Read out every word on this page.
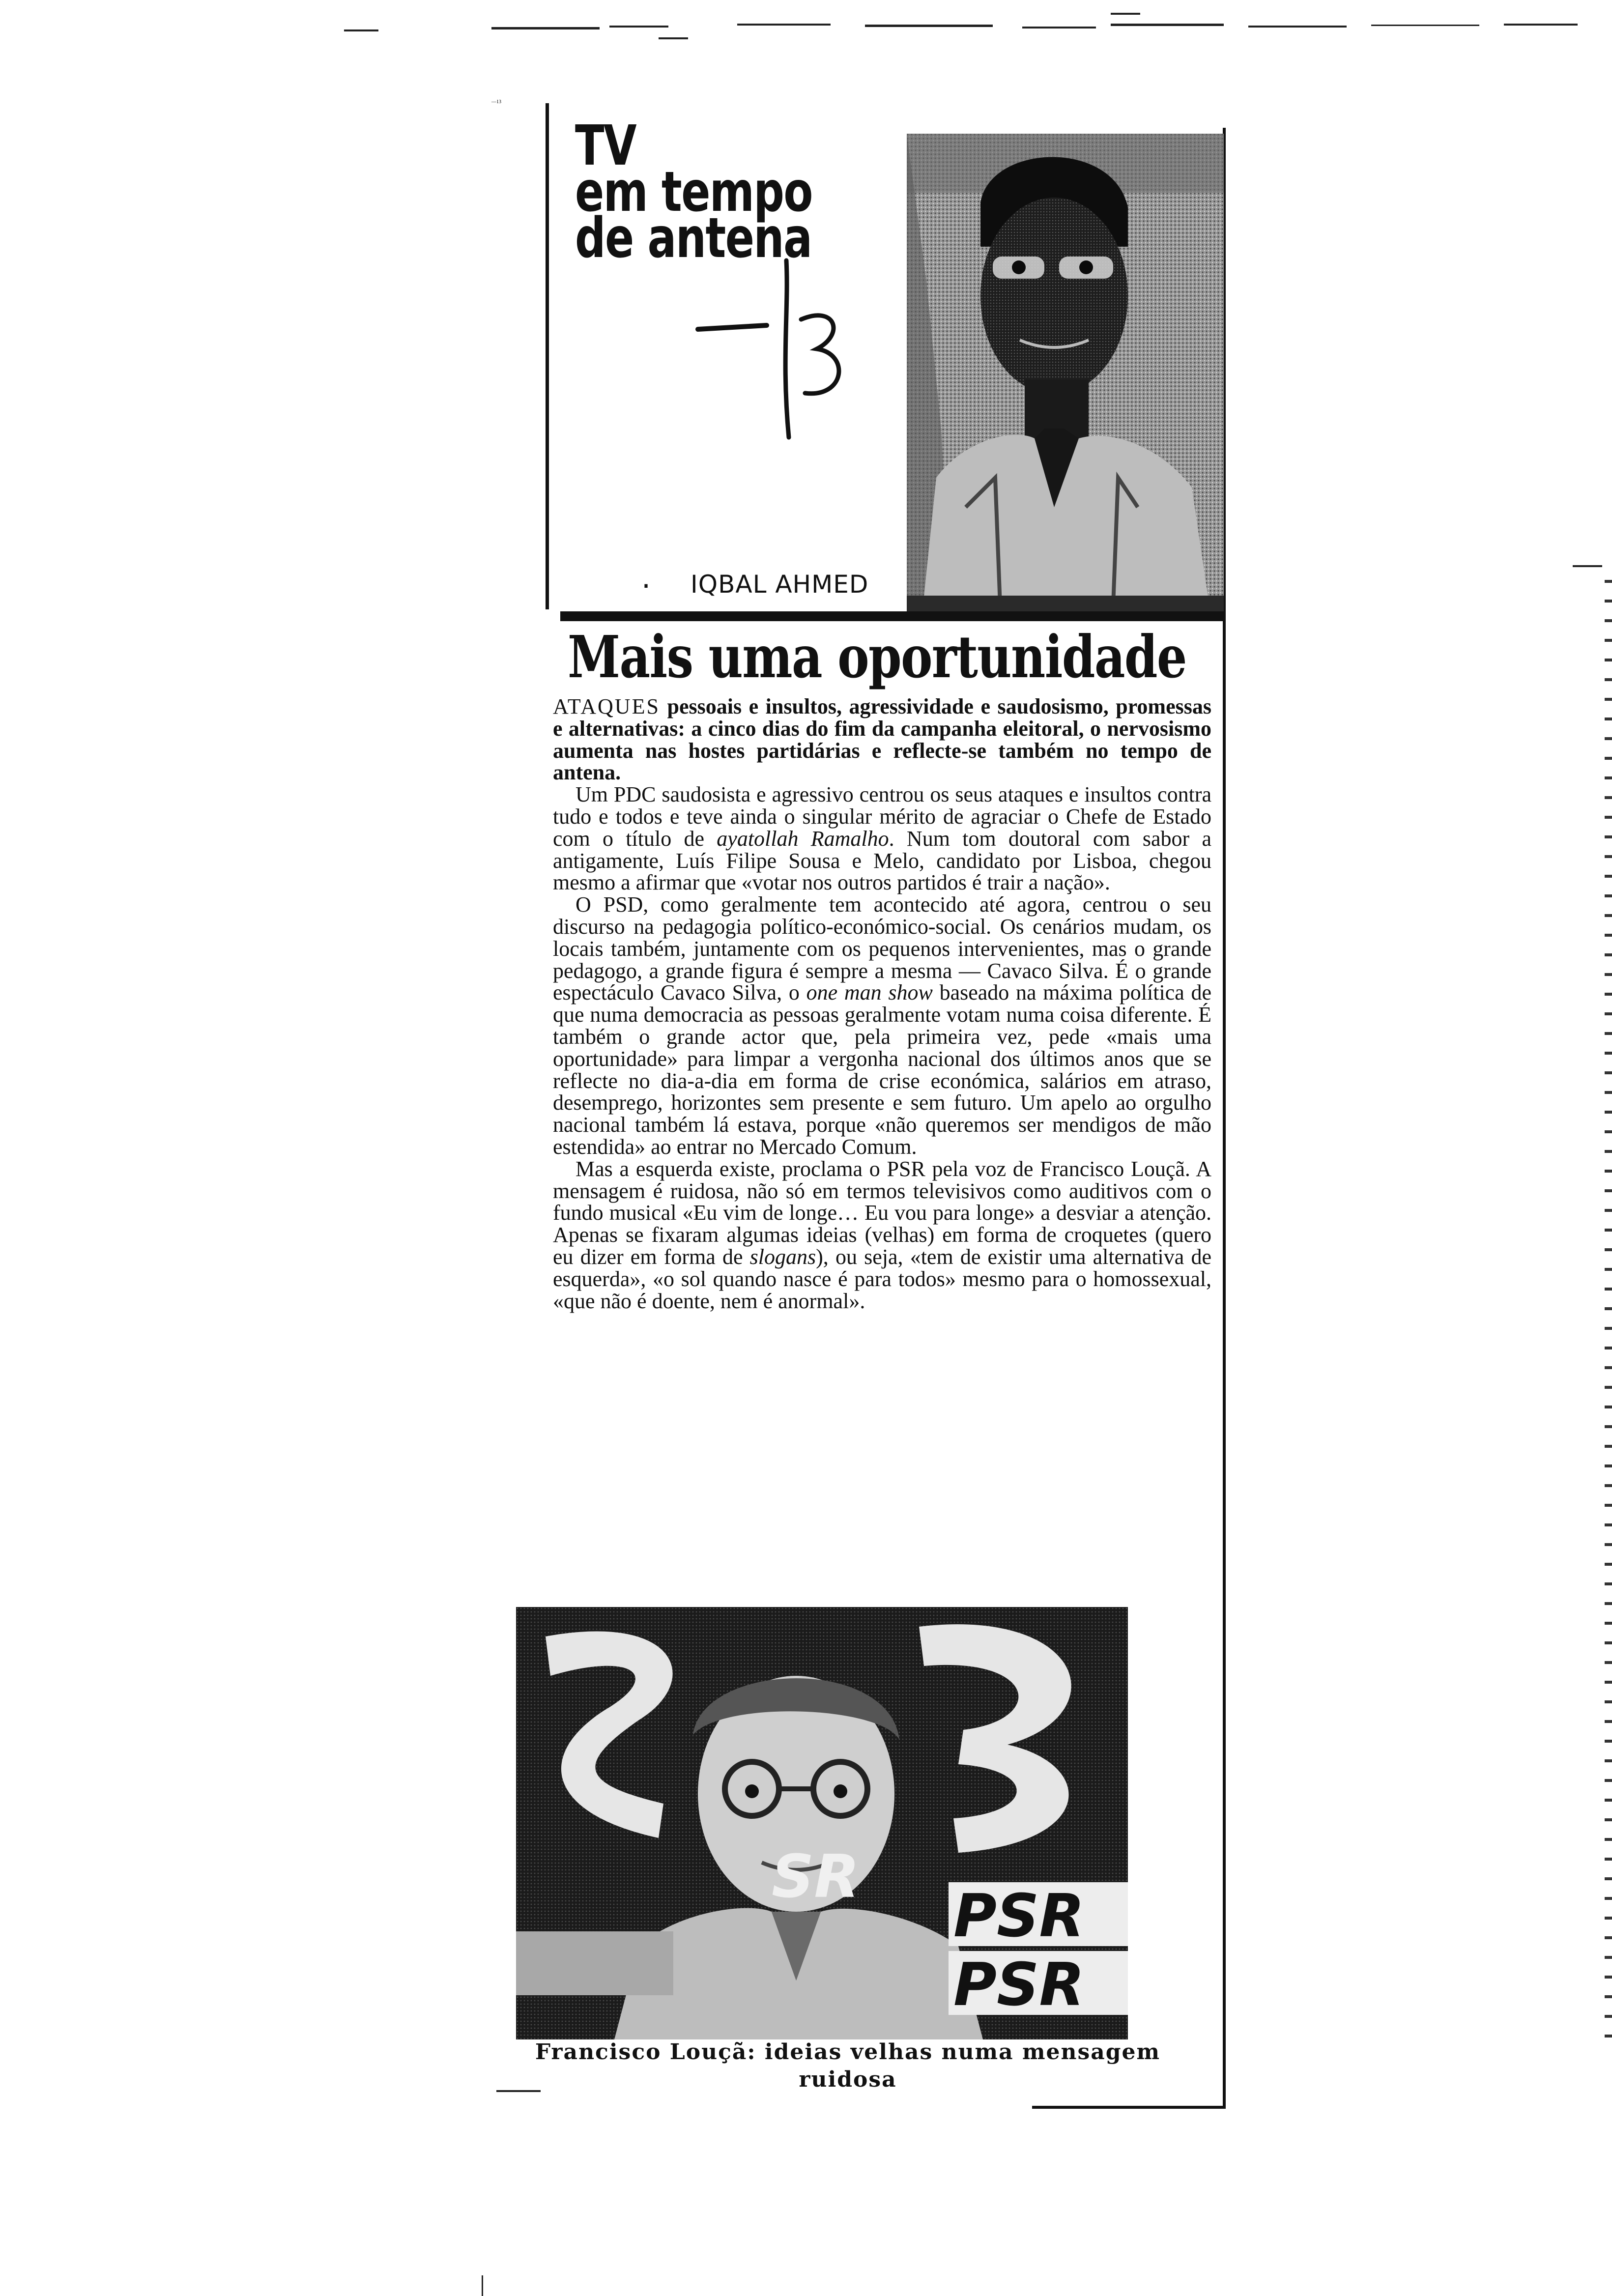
TV
em tempo
de antena
—13
· IQBAL AHMED
Mais uma oportunidade

ATAQUES pessoais e insultos, agressividade e saudosismo, promessas e alternativas: a cinco dias do fim da campanha eleitoral, o nervosismo aumenta nas hostes partidárias e reflecte-se também no tempo de antena.

Um PDC saudosista e agressivo centrou os seus ataques e insultos contra tudo e todos e teve ainda o singular mérito de agraciar o Chefe de Estado com o título de ayatollah Ramalho. Num tom doutoral com sabor a antigamente, Luís Filipe Sousa e Melo, candidato por Lisboa, chegou mesmo a afirmar que «votar nos outros partidos é trair a nação».

O PSD, como geralmente tem acontecido até agora, centrou o seu discurso na pedagogia político-económico-social. Os cenários mudam, os locais também, juntamente com os pequenos intervenientes, mas o grande pedagogo, a grande figura é sempre a mesma — Cavaco Silva. É o grande espectáculo Cavaco Silva, o one man show baseado na máxima política de que numa democracia as pessoas geralmente votam numa coisa diferente. É também o grande actor que, pela primeira vez, pede «mais uma oportunidade» para limpar a vergonha nacional dos últimos anos que se reflecte no dia-a-dia em forma de crise económica, salários em atraso, desemprego, horizontes sem presente e sem futuro. Um apelo ao orgulho nacional também lá estava, porque «não queremos ser mendigos de mão estendida» ao entrar no Mercado Comum.

Mas a esquerda existe, proclama o PSR pela voz de Francisco Louçã. A mensagem é ruidosa, não só em termos televisivos como auditivos com o fundo musical «Eu vim de longe… Eu vou para longe» a desviar a atenção. Apenas se fixaram algumas ideias (velhas) em forma de croquetes (quero eu dizer em forma de slogans), ou seja, «tem de existir uma alternativa de esquerda», «o sol quando nasce é para todos» mesmo para o homossexual, «que não é doente, nem é anormal».

SR
PSR
PSR
Francisco Louçã: ideias velhas numa mensagem ruidosa
